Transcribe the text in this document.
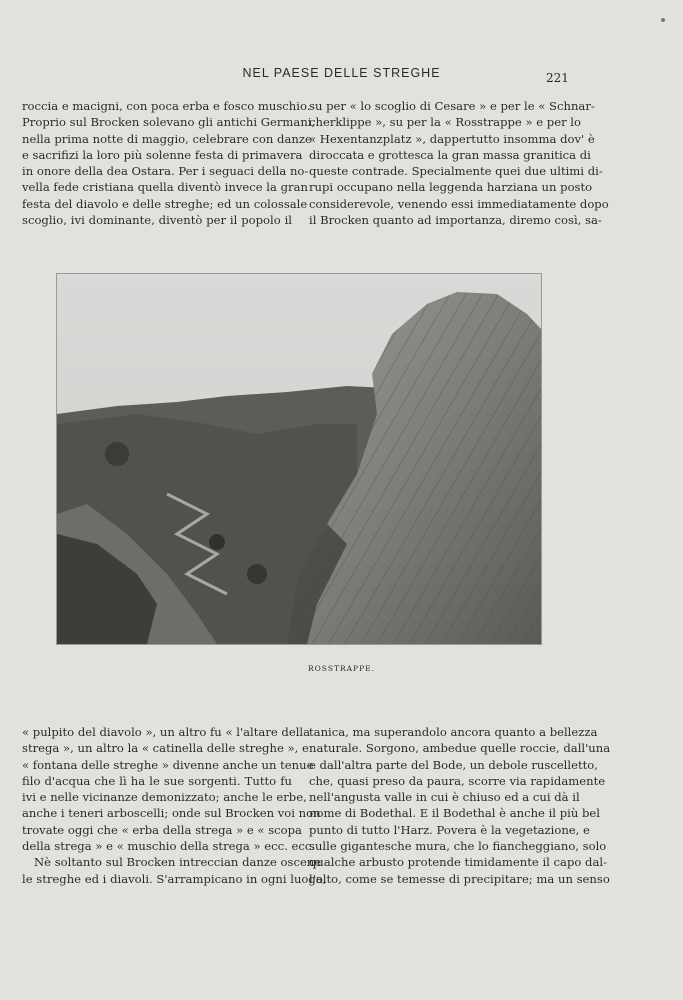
NEL PAESE DELLE STREGHE	221

roccia e macigni, con poca erba e fosco muschio.

Proprio sul Brocken solevano gli antichi Germani,

nella prima notte di maggio, celebrare con danze

e sacrifizi la loro più solenne festa di primavera

in onore della dea Ostara. Per i seguaci della no-

vella fede cristiana quella diventò invece la gran

festa del diavolo e delle streghe; ed un colossale

scoglio, ivi dominante, diventò per il popolo il

su per « lo scoglio di Cesare » e per le « Schnar-

cherklippe », su per la « Rosstrappe » e per lo

« Hexentanzplatz », dappertutto insomma dov' è

diroccata e grottesca la gran massa granitica di

queste contrade. Specialmente quei due ultimi di-

rupi occupano nella leggenda harziana un posto

considerevole, venendo essi immediatamente dopo

il Brocken quanto ad importanza, diremo così, sa-

ROSSTRAPPE.

« pulpito del diavolo », un altro fu « l'altare della

strega », un altro la « catinella delle streghe », e

« fontana delle streghe » divenne anche un tenue

filo d'acqua che lì ha le sue sorgenti. Tutto fu

ivi e nelle vicinanze demonizzato; anche le erbe,

anche i teneri arboscelli; onde sul Brocken voi non

trovate oggi che « erba della strega » e « scopa

della strega » e « muschio della strega » ecc. ecc.

Nè soltanto sul Brocken intreccian danze oscene

le streghe ed i diavoli. S'arrampicano in ogni luogo,

tanica, ma superandolo ancora quanto a bellezza

naturale. Sorgono, ambedue quelle roccie, dall'una

e dall'altra parte del Bode, un debole ruscelletto,

che, quasi preso da paura, scorre via rapidamente

nell'angusta valle in cui è chiuso ed a cui dà il

nome di Bodethal. E il Bodethal è anche il più bel

punto di tutto l'Harz. Povera è la vegetazione, e

sulle gigantesche mura, che lo fiancheggiano, solo

qualche arbusto protende timidamente il capo dal-

l'alto, come se temesse di precipitare; ma un senso
